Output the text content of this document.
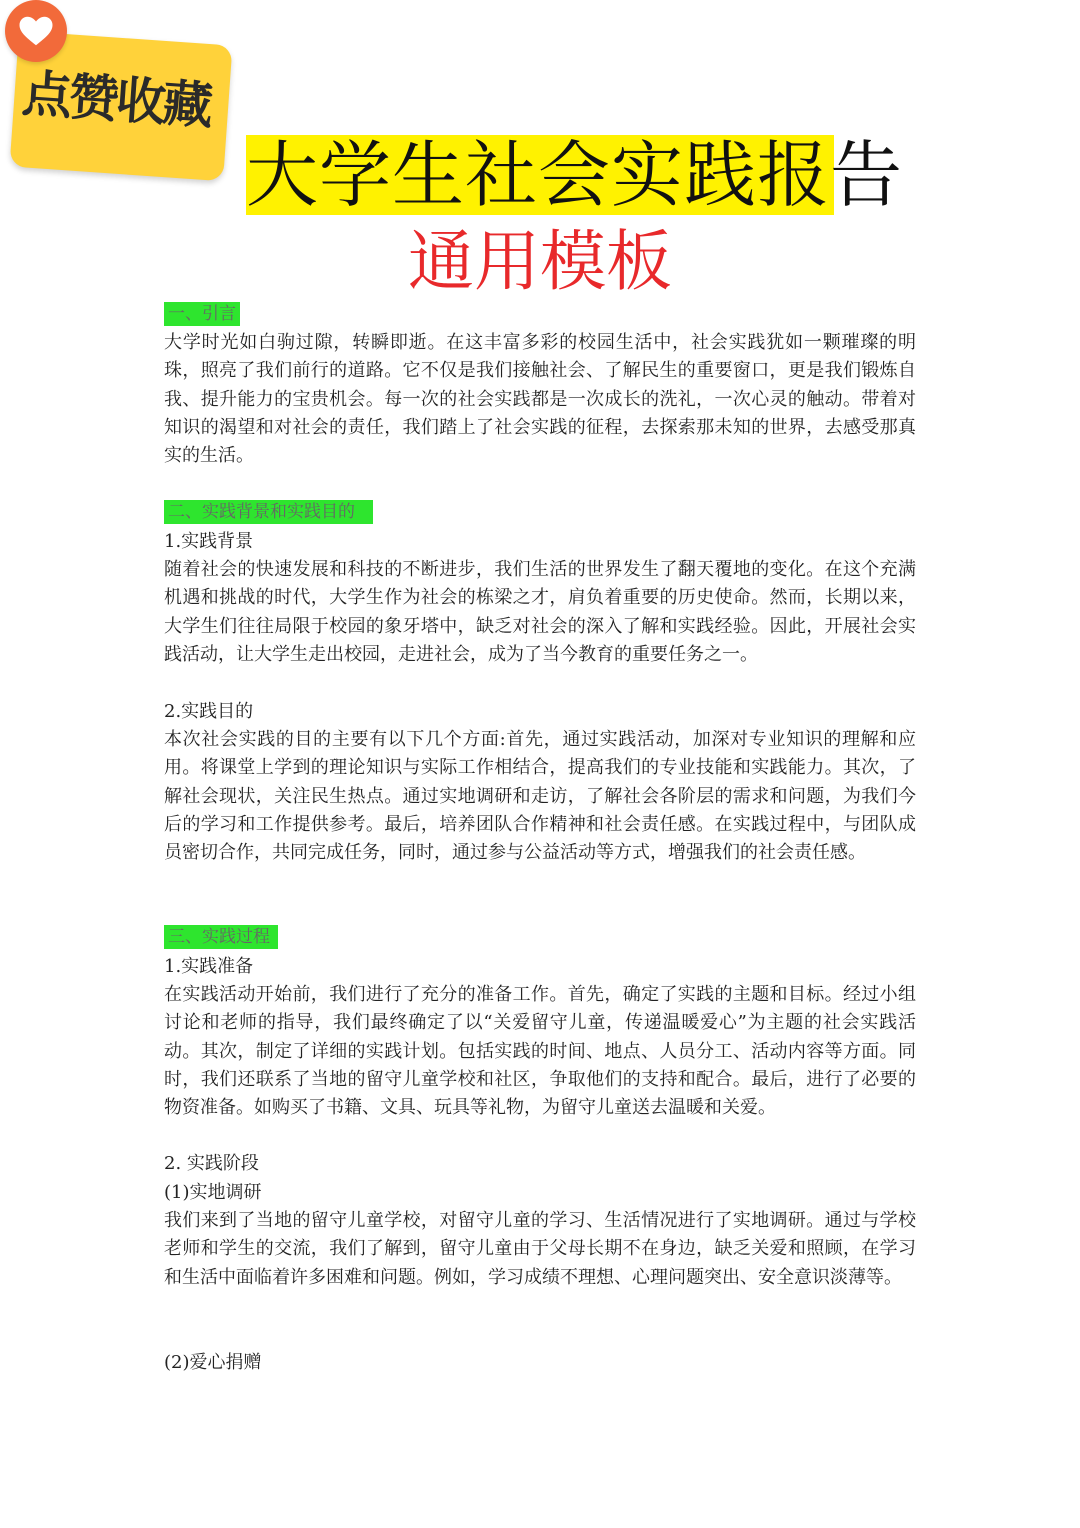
点赞收藏
大学生社会实践报告
通用模板
一、引言
大学时光如白驹过隙，转瞬即逝。在这丰富多彩的校园生活中，社会实践犹如一颗璀璨的明珠，照亮了我们前行的道路。它不仅是我们接触社会、了解民生的重要窗口，更是我们锻炼自我、提升能力的宝贵机会。每一次的社会实践都是一次成长的洗礼，一次心灵的触动。带着对知识的渴望和对社会的责任，我们踏上了社会实践的征程，去探索那未知的世界，去感受那真实的生活。
二、实践背景和实践目的
1.实践背景
随着社会的快速发展和科技的不断进步，我们生活的世界发生了翻天覆地的变化。在这个充满机遇和挑战的时代，大学生作为社会的栋梁之才，肩负着重要的历史使命。然而，长期以来，大学生们往往局限于校园的象牙塔中，缺乏对社会的深入了解和实践经验。因此，开展社会实践活动，让大学生走出校园，走进社会，成为了当今教育的重要任务之一。
2.实践目的
本次社会实践的目的主要有以下几个方面:首先，通过实践活动，加深对专业知识的理解和应用。将课堂上学到的理论知识与实际工作相结合，提高我们的专业技能和实践能力。其次，了解社会现状，关注民生热点。通过实地调研和走访，了解社会各阶层的需求和问题，为我们今后的学习和工作提供参考。最后，培养团队合作精神和社会责任感。在实践过程中，与团队成员密切合作，共同完成任务，同时，通过参与公益活动等方式，增强我们的社会责任感。
三、实践过程
1.实践准备
在实践活动开始前，我们进行了充分的准备工作。首先，确定了实践的主题和目标。经过小组讨论和老师的指导，我们最终确定了以“关爱留守儿童，传递温暖爱心”为主题的社会实践活动。其次，制定了详细的实践计划。包括实践的时间、地点、人员分工、活动内容等方面。同时，我们还联系了当地的留守儿童学校和社区，争取他们的支持和配合。最后，进行了必要的物资准备。如购买了书籍、文具、玩具等礼物，为留守儿童送去温暖和关爱。
2. 实践阶段
(1)实地调研
我们来到了当地的留守儿童学校，对留守儿童的学习、生活情况进行了实地调研。通过与学校老师和学生的交流，我们了解到，留守儿童由于父母长期不在身边，缺乏关爱和照顾，在学习和生活中面临着许多困难和问题。例如，学习成绩不理想、心理问题突出、安全意识淡薄等。
(2)爱心捐赠
